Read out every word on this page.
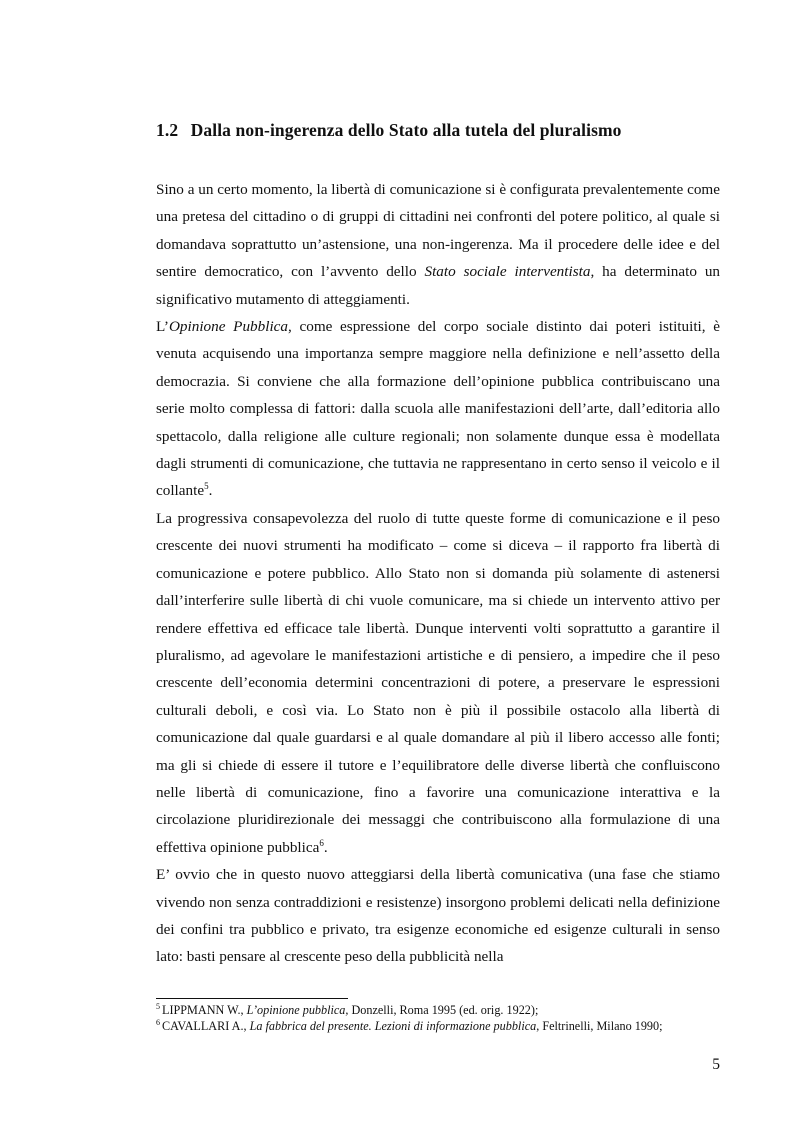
1.2 Dalla non-ingerenza dello Stato alla tutela del pluralismo

Sino a un certo momento, la libertà di comunicazione si è configurata prevalentemente come una pretesa del cittadino o di gruppi di cittadini nei confronti del potere politico, al quale si domandava soprattutto un’astensione, una non-ingerenza. Ma il procedere delle idee e del sentire democratico, con l’avvento dello Stato sociale interventista, ha determinato un significativo mutamento di atteggiamenti.

L’Opinione Pubblica, come espressione del corpo sociale distinto dai poteri istituiti, è venuta acquisendo una importanza sempre maggiore nella definizione e nell’assetto della democrazia. Si conviene che alla formazione dell’opinione pubblica contribuiscano una serie molto complessa di fattori: dalla scuola alle manifestazioni dell’arte, dall’editoria allo spettacolo, dalla religione alle culture regionali; non solamente dunque essa è modellata dagli strumenti di comunicazione, che tuttavia ne rappresentano in certo senso il veicolo e il collante$^5$.

La progressiva consapevolezza del ruolo di tutte queste forme di comunicazione e il peso crescente dei nuovi strumenti ha modificato – come si diceva – il rapporto fra libertà di comunicazione e potere pubblico. Allo Stato non si domanda più solamente di astenersi dall’interferire sulle libertà di chi vuole comunicare, ma si chiede un intervento attivo per rendere effettiva ed efficace tale libertà. Dunque interventi volti soprattutto a garantire il pluralismo, ad agevolare le manifestazioni artistiche e di pensiero, a impedire che il peso crescente dell’economia determini concentrazioni di potere, a preservare le espressioni culturali deboli, e così via. Lo Stato non è più il possibile ostacolo alla libertà di comunicazione dal quale guardarsi e al quale domandare al più il libero accesso alle fonti; ma gli si chiede di essere il tutore e l’equilibratore delle diverse libertà che confluiscono nelle libertà di comunicazione, fino a favorire una comunicazione interattiva e la circolazione pluridirezionale dei messaggi che contribuiscono alla formulazione di una effettiva opinione pubblica$^6$.

E’ ovvio che in questo nuovo atteggiarsi della libertà comunicativa (una fase che stiamo vivendo non senza contraddizioni e resistenze) insorgono problemi delicati nella definizione dei confini tra pubblico e privato, tra esigenze economiche ed esigenze culturali in senso lato: basti pensare al crescente peso della pubblicità nella

$^5$ LIPPMANN W., L’opinione pubblica, Donzelli, Roma 1995 (ed. orig. 1922);
$^6$ CAVALLARI A., La fabbrica del presente. Lezioni di informazione pubblica, Feltrinelli, Milano 1990;
5
